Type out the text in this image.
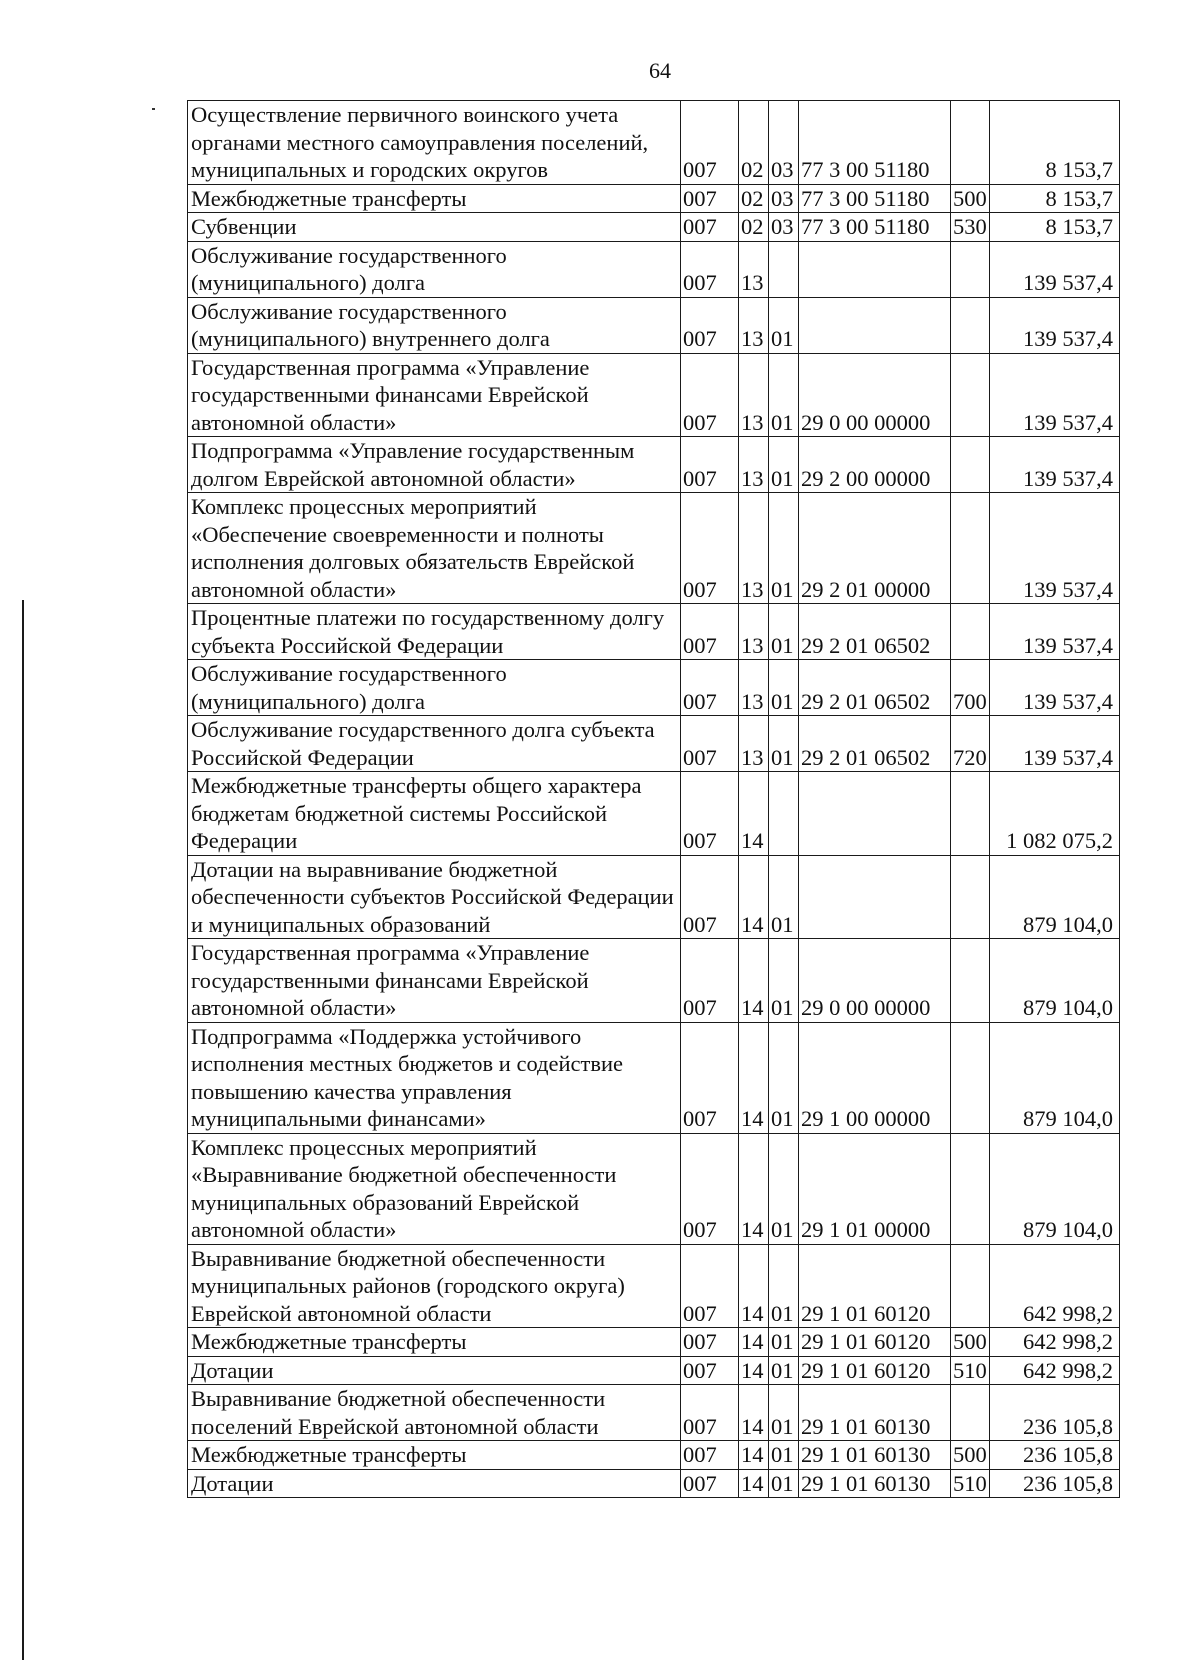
64
Осуществление первичного воинского учета органами местного самоуправления поселений, муниципальных и городских округов	007	02	03	77 3 00 51180		8 153,7
Межбюджетные трансферты	007	02	03	77 3 00 51180	500	8 153,7
Субвенции	007	02	03	77 3 00 51180	530	8 153,7
Обслуживание государственного (муниципального) долга	007	13				139 537,4
Обслуживание государственного (муниципального) внутреннего долга	007	13	01			139 537,4
Государственная программа «Управление государственными финансами Еврейской автономной области»	007	13	01	29 0 00 00000		139 537,4
Подпрограмма «Управление государственным долгом Еврейской автономной области»	007	13	01	29 2 00 00000		139 537,4
Комплекс процессных мероприятий «Обеспечение своевременности и полноты исполнения долговых обязательств Еврейской автономной области»	007	13	01	29 2 01 00000		139 537,4
Процентные платежи по государственному долгу субъекта Российской Федерации	007	13	01	29 2 01 06502		139 537,4
Обслуживание государственного (муниципального) долга	007	13	01	29 2 01 06502	700	139 537,4
Обслуживание государственного долга субъекта Российской Федерации	007	13	01	29 2 01 06502	720	139 537,4
Межбюджетные трансферты общего характера бюджетам бюджетной системы Российской Федерации	007	14				1 082 075,2
Дотации на выравнивание бюджетной обеспеченности субъектов Российской Федерации и муниципальных образований	007	14	01			879 104,0
Государственная программа «Управление государственными финансами Еврейской автономной области»	007	14	01	29 0 00 00000		879 104,0
Подпрограмма «Поддержка устойчивого исполнения местных бюджетов и содействие повышению качества управления муниципальными финансами»	007	14	01	29 1 00 00000		879 104,0
Комплекс процессных мероприятий «Выравнивание бюджетной обеспеченности муниципальных образований Еврейской автономной области»	007	14	01	29 1 01 00000		879 104,0
Выравнивание бюджетной обеспеченности муниципальных районов (городского округа) Еврейской автономной области	007	14	01	29 1 01 60120		642 998,2
Межбюджетные трансферты	007	14	01	29 1 01 60120	500	642 998,2
Дотации	007	14	01	29 1 01 60120	510	642 998,2
Выравнивание бюджетной обеспеченности поселений Еврейской автономной области	007	14	01	29 1 01 60130		236 105,8
Межбюджетные трансферты	007	14	01	29 1 01 60130	500	236 105,8
Дотации	007	14	01	29 1 01 60130	510	236 105,8
